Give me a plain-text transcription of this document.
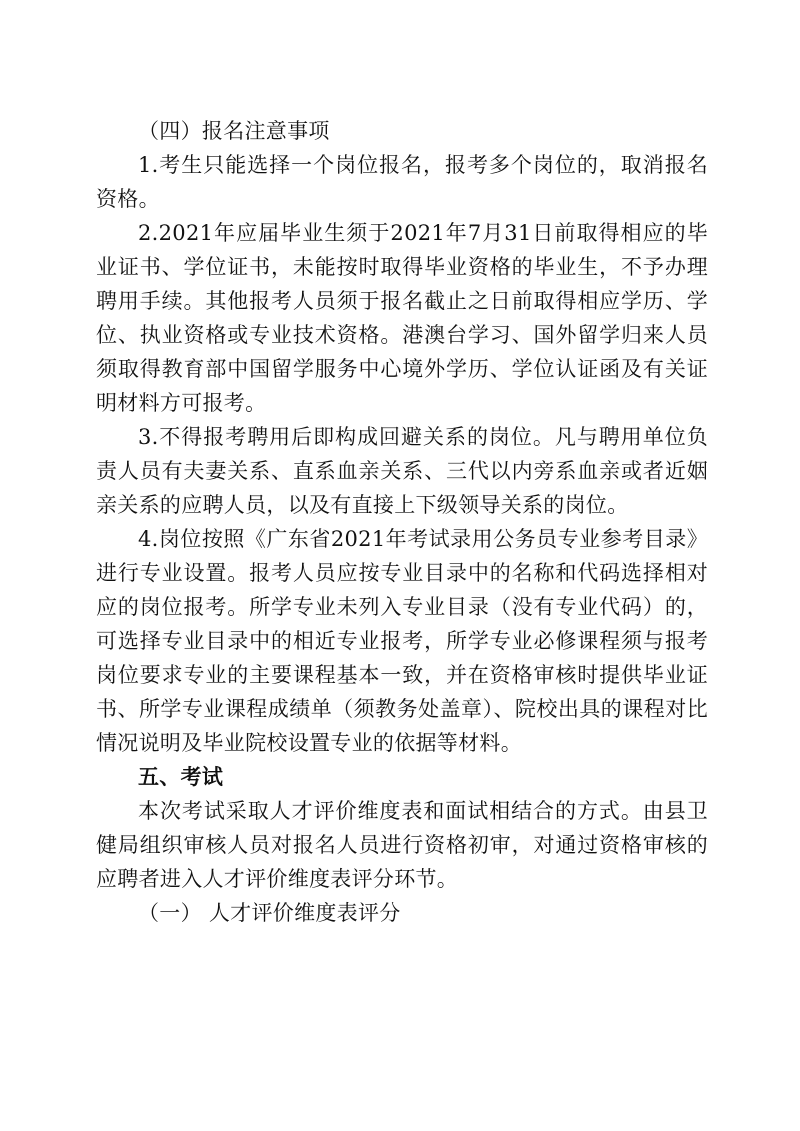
（四）报名注意事项

1.考生只能选择一个岗位报名，报考多个岗位的，取消报名资格。

2.2021年应届毕业生须于2021年7月31日前取得相应的毕业证书、学位证书，未能按时取得毕业资格的毕业生，不予办理聘用手续。其他报考人员须于报名截止之日前取得相应学历、学位、执业资格或专业技术资格。港澳台学习、国外留学归来人员须取得教育部中国留学服务中心境外学历、学位认证函及有关证明材料方可报考。

3.不得报考聘用后即构成回避关系的岗位。凡与聘用单位负责人员有夫妻关系、直系血亲关系、三代以内旁系血亲或者近姻亲关系的应聘人员，以及有直接上下级领导关系的岗位。

4.岗位按照《广东省2021年考试录用公务员专业参考目录》进行专业设置。报考人员应按专业目录中的名称和代码选择相对应的岗位报考。所学专业未列入专业目录（没有专业代码）的，可选择专业目录中的相近专业报考，所学专业必修课程须与报考岗位要求专业的主要课程基本一致，并在资格审核时提供毕业证书、所学专业课程成绩单（须教务处盖章）、院校出具的课程对比情况说明及毕业院校设置专业的依据等材料。

五、考试

本次考试采取人才评价维度表和面试相结合的方式。由县卫健局组织审核人员对报名人员进行资格初审，对通过资格审核的应聘者进入人才评价维度表评分环节。

（一） 人才评价维度表评分
